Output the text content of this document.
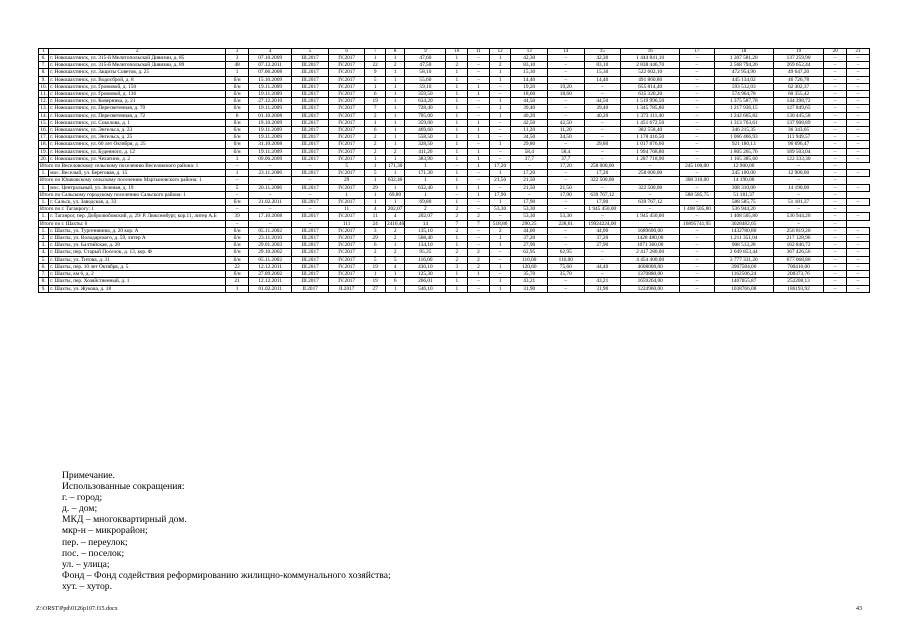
1	2	3	4	5	6	7	8	9	10	11	12	13	14	15	16	17	18	19	20	21
6.	г. Новошахтинск, ул. 315-й Мелитопольской Дивизии, д. 85	3	07.10.2009	III.2017	IV.2017	1	1	47,60	1	–	1	42,30	–	42,30	1 444 841,10	–	1 307 581,20	137 259,90	–	–
7.	г. Новошахтинск, ул. 315-й Мелитопольской Дивизии, д. 89	48	07.12.2011	III.2017	IV.2017	22	2	47,50	2	–	2	83,10	–	83,10	2 838 446,70	–	2 568 794,26	269 652,44	–	–
8.	г. Новошахтинск, ул. Защиты Советов, д. 25	1	07.06.2008	III.2017	IV.2017	9	1	58,10	1	–	1	15,30	–	15,30	522 602,10	–	472 954,90	49 647,20	–	–
9.	г. Новошахтинск, ул. Водосброй, д. 8	б/н	15.10.2009	III.2017	IV.2017	5	1	55,60	1	–	1	14,40	–	14,40	491 860,80	–	445 134,02	46 726,78	–	–
10.	г. Новошахтинск, ул. Громовой, д. 150	б/н	19.11.2009	III.2017	IV.2017	1	1	59,10	1	1	–	19,20	19,20	–	655 814,40	–	593 512,03	62 302,37	–	–
11.	г. Новошахтинск, ул. Громовой, д. 136	б/н	19.11.2009	III.2017	IV.2017	6	1	359,50	1	1	–	18,60	18,60	–	635 320,20	–	574 964,78	60 355,42	–	–
12.	г. Новошахтинск, ул. Коверника, д. 21	б/н	27.12.2010	III.2017	IV.2017	19	1	634,20	1	–	1	44,50	–	44,50	1 519 996,50	–	1 375 587,78	144 398,72	–	–
13.	г. Новошахтинск, ул. Пересветенная, д. 70	б/н	19.11.2009	III.2017	IV.2017	7	1	728,40	1	–	1	39,40	–	39,40	1 345 785,80	–	1 217 936,15	127 849,65	–	–
14.	г. Новошахтинск, ул. Пересветенная, д. 72	6	01.10.2008	III.2017	IV.2017	2	1	705,00	1	–	1	40,20	–	40,20	1 373 111,40	–	1 242 665,82	130 445,58	–	–
15.	г. Новошахтинск, ул. Соколова, д. 1	б/н	19.10.2009	III.2017	IV.2017	1	1	359,00	1	1	–	42,50	42,50	–	1 451 672,50	–	1 313 763,61	137 908,89	–	–
16.	г. Новошахтинск, ул. Энгельса, д. 23	б/н	19.11.2009	III.2017	IV.2017	6	1	469,60	1	1	–	11,20	11,20	–	382 558,40	–	346 215,35	36 343,05	–	–
17.	г. Новошахтинск, ул. Энгельса, д. 25	б/н	19.11.2009	III.2017	IV.2017	2	1	558,50	1	1	–	34,50	34,50	–	1 178 416,50	–	1 066 466,93	111 949,57	–	–
18.	г. Новошахтинск, ул. 60 лет Октября, д. 25	б/н	31.10.2008	III.2017	IV.2017	2	1	328,50	1	–	1	29,80	–	29,80	1 017 876,60	–	921 180,13	96 696,47	–	–
19.	г. Новошахтинск, ул. Буденного, д. 12	б/н	19.11.2009	III.2017	IV.2017	2	2	411,20	1	1	–	58,4	58,4	–	1 994 768,80	–	1 805 265,76	189 503,04	–	–
20.	г. Новошахтинск, ул. Чехатино, д. 2	1	09.06.2009	III.2017	IV.2017	1	1	383,90	1	1	–	37,7	37,7	–	1 287 718,90	–	1 165 385,60	122 333,30	–	–
Итого по Веселовскому сельскому поселению Веселовского района: 1		–	–	–	5	1	171,30	1	–	1	17,20	–	17,20	258 000,00	–	245 100,00	12 900,00	–	–	
1.	мос. Веселый, ул. Береговая, д. 15	1	23.11.2006	III.2017	IV.2017	5	1	171,30	1	–	1	17,20	–	17,20	258 000,00	–	245 100,00	12 900,00	–	–
Итого по Юшковскому сельскому поселению Мартыновского района: 1		–	–	–	29	1	632,40	1	1	–	21,50	21,50	–	322 500,00	–	308 310,00	14 190,00	–	–	
1.	мос. Центральный, ул. Зеленая, д. 19	5	20.11.2006	III.2017	IV.2017	29	1	632,40	1	1	–	21,50	21,50	–	322 500,00	–	308 310,00	14 190,00	–	–
Итого по Сальскому городскому поселению Сальского района: 1		–	–	–	1	1	69,80	1	–	1	17,90	–	17,90	639 767,12	–	588 585,75	51 181,37	–	–	
1.	г. Сальск, ул. Заводская, д. 33	б/н	21.02.2011	III.2017	IV.2017	1	1	69,80	1	–	1	17,90	–	17,90	639 767,12	–	588 585,75	51 181,37	–	–
Итого по г. Таганрогу: 1		–	–	–	11	4	202,07	2	2	–	53,30	53,30	–	1 945 450,00	–	1 408 505,80	536 944,20	–	–	
1.	г. Таганрог, пер. Добролюбовский, д. 29/ Р. Люксембург, кор.11, литер А,Б	39	17.10.2008	III.2017	IV.2017	11	4	202,07	2	2	–	53,30	53,30	–	1 945 450,00	–	1 408 505,80	536 944,20	–	–
Итого по г. Шахты: 6		–	–	–	111	24	2416,46	14	7	7	518,86	290,25	228,61	19924224,00	–	16895741,95	3028482,05	–	–	
1.	г. Шахты, ул. Тургенянина, д. 20 кор. А	б/н	05.11.2002	III.2017	IV.2017	3	2	135,10	2	–	2	44,00	–	44,00	1689600,00	–	1432780,80	256 819,20	–	–
2.	г. Шахты, ул. Володарского, д. 59, литер А	б/н	23.11.2010	III.2017	IV.2017	29	2	568,40	1	–	1	37,20	–	37,20	1428 480,00	–	1 211 351,04	217 128,96	–	–
3.	г. Шахты, ул. Балтийская, д. 28	б/н	29.01.2003	III.2017	IV.2017	6	1	134,10	1	–	1	27,90	–	27,90	1071 360,00	–	908 513,28	162 846,72	–	–
4.	г. Шахты, пер. Старый Поселок, д. 13, кор. Ф	б/н	29.10.2002	III.2017	IV.2017	2	2	95,35	2	2	–	62,95	62,95	–	2 417 280,00	–	2 049 853,44	367 426,56	–	–
5.	г. Шахты, ул. Титова, д. 31	б/н	05.11.2002	III.2017	IV.2017	5	5	116,00	2	2	–	116,00	116,00	–	4 454 400,00	–	3 777 331,20	677 068,80	–	–
6.	г. Шахты, пер. 10 лет Октября, д. 5	22	12.12.2011	III.2017	IV.2017	19	4	430,10	3	2	1	120,60	75,60	44,40	4608000,00	–	3907584,00	700416,00	–	–
7.	г. Шахты, км 6, д. 2	б/н	27.09.2002	III.2017	IV.2017	1	1	125,30	1	1	–	35,70	35,70	–	1370880,00	–	1162506,24	208373,76	–	–
8.	г. Шахты, пер. Хозяйственный, д. 1	21	12.12.2011	III.2017	IV.2017	19	6	266,01	1	–	1	43,21	–	43,21	1659264,00	–	1407055,87	252208,13	–	–
9.	г. Шахты, ул. Жукова, д. 18	1	01.02.2011	II.2017	II.2017	27	1	546,10	1	–	1	31,90	–	31,90	1224960,00	–	1038766,08	186193,92	–	–
Примечание.
Использованные сокращения:
г. – город;
д. – дом;
МКД – многоквартирный дом.
мкр-н – микрорайон;
пер. – переулок;
пос. – поселок;
ул. – улица;
Фонд – Фонд содействия реформированию жилищно-коммунального хозяйства;
хут. – хутор.
Z:\ORST\Ppd\0126p107.f15.docx	43
